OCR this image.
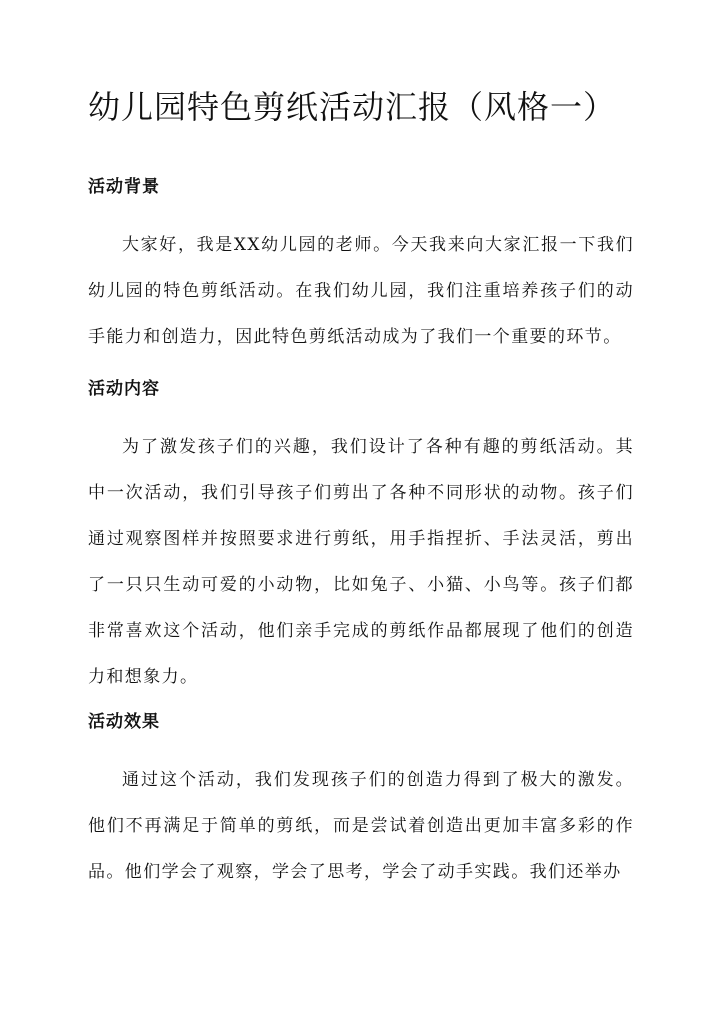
幼儿园特色剪纸活动汇报（风格一）
活动背景

大家好，我是XX幼儿园的老师。今天我来向大家汇报一下我们幼儿园的特色剪纸活动。在我们幼儿园，我们注重培养孩子们的动手能力和创造力，因此特色剪纸活动成为了我们一个重要的环节。

活动内容

为了激发孩子们的兴趣，我们设计了各种有趣的剪纸活动。其中一次活动，我们引导孩子们剪出了各种不同形状的动物。孩子们通过观察图样并按照要求进行剪纸，用手指捏折、手法灵活，剪出了一只只生动可爱的小动物，比如兔子、小猫、小鸟等。孩子们都非常喜欢这个活动，他们亲手完成的剪纸作品都展现了他们的创造力和想象力。

活动效果

通过这个活动，我们发现孩子们的创造力得到了极大的激发。他们不再满足于简单的剪纸，而是尝试着创造出更加丰富多彩的作品。他们学会了观察，学会了思考，学会了动手实践。我们还举办
